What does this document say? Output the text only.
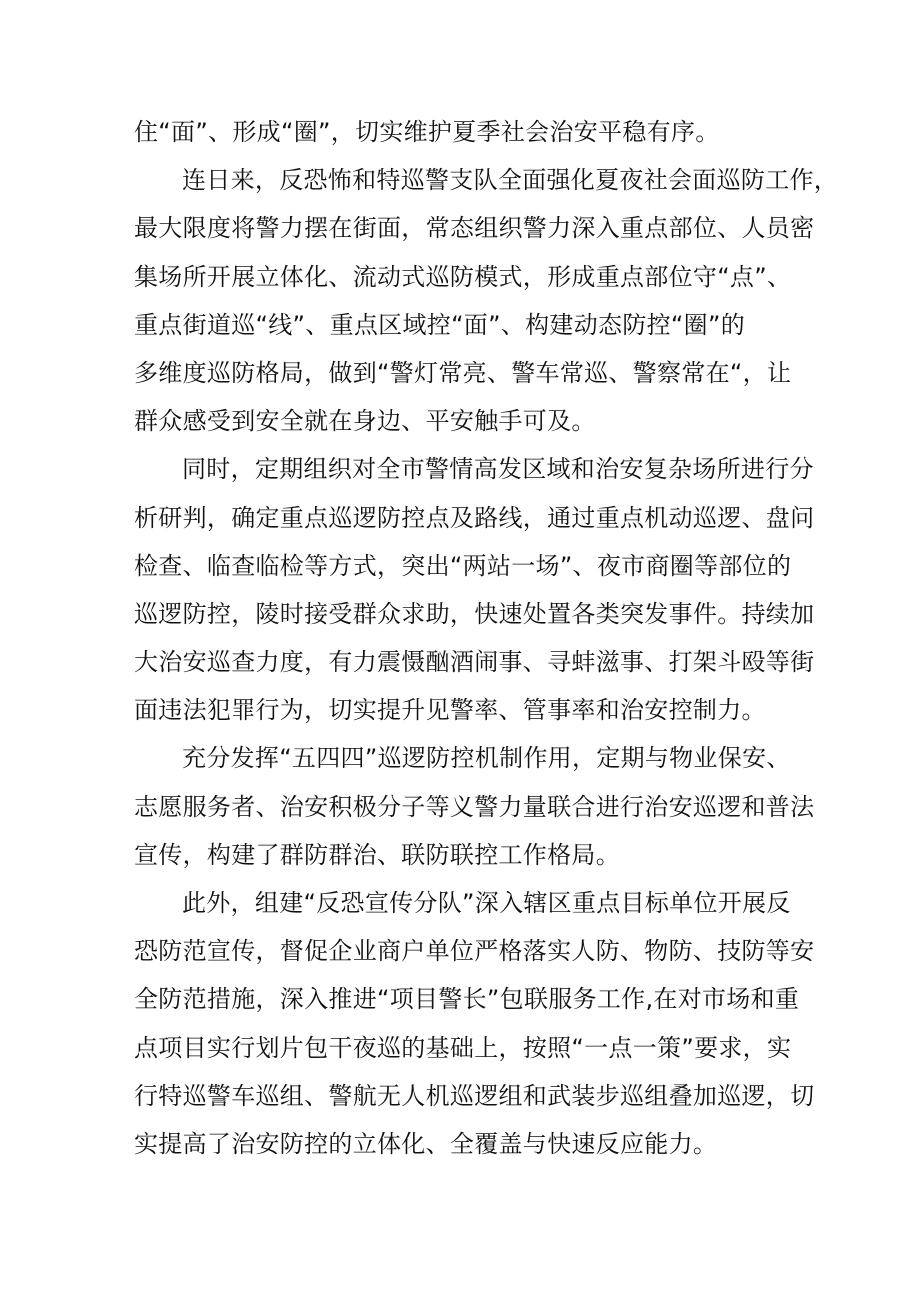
住“面”、形成“圈”，切实维护夏季社会治安平稳有序。

连日来，反恐怖和特巡警支队全面强化夏夜社会面巡防工作，

最大限度将警力摆在街面，常态组织警力深入重点部位、人员密

集场所开展立体化、流动式巡防模式，形成重点部位守“点”、

重点街道巡“线”、重点区域控“面”、构建动态防控“圈”的

多维度巡防格局，做到“警灯常亮、警车常巡、警察常在“，让

群众感受到安全就在身边、平安触手可及。

同时，定期组织对全市警情高发区域和治安复杂场所进行分

析研判，确定重点巡逻防控点及路线，通过重点机动巡逻、盘问

检查、临查临检等方式，突出“两站一场”、夜市商圈等部位的

巡逻防控，陵时接受群众求助，快速处置各类突发事件。持续加

大治安巡查力度，有力震慑酗酒闹事、寻蚌滋事、打架斗殴等街

面违法犯罪行为，切实提升见警率、管事率和治安控制力。

充分发挥“五四四”巡逻防控机制作用，定期与物业保安、

志愿服务者、治安积极分子等义警力量联合进行治安巡逻和普法

宣传，构建了群防群治、联防联控工作格局。

此外，组建“反恐宣传分队”深入辖区重点目标单位开展反

恐防范宣传，督促企业商户单位严格落实人防、物防、技防等安

全防范措施，深入推进“项目警长”包联服务工作,在对市场和重

点项目实行划片包干夜巡的基础上，按照“一点一策”要求，实

行特巡警车巡组、警航无人机巡逻组和武装步巡组叠加巡逻，切

实提高了治安防控的立体化、全覆盖与快速反应能力。
